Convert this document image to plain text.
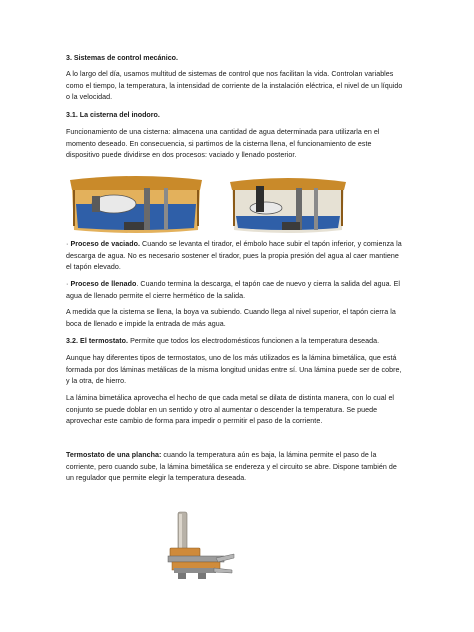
3. Sistemas de control mecánico.

A lo largo del día, usamos multitud de sistemas de control que nos facilitan la vida. Controlan variables como el tiempo, la temperatura, la intensidad de corriente de la instalación eléctrica, el nivel de un líquido o la velocidad.

3.1. La cisterna del inodoro.

Funcionamiento de una cisterna: almacena una cantidad de agua determinada para utilizarla en el momento deseado. En consecuencia, si partimos de la cisterna llena, el funcionamiento de este dispositivo puede dividirse en dos procesos: vaciado y llenado posterior.

· Proceso de vaciado. Cuando se levanta el tirador, el émbolo hace subir el tapón inferior, y comienza la descarga de agua. No es necesario sostener el tirador, pues la propia presión del agua al caer mantiene el tapón elevado.

· Proceso de llenado. Cuando termina la descarga, el tapón cae de nuevo y cierra la salida del agua. El agua de llenado permite el cierre hermético de la salida.

A medida que la cisterna se llena, la boya va subiendo. Cuando llega al nivel superior, el tapón cierra la boca de llenado e impide la entrada de más agua.

3.2. El termostato. Permite que todos los electrodomésticos funcionen a la temperatura deseada.

Aunque hay diferentes tipos de termostatos, uno de los más utilizados es la lámina bimetálica, que está formada por dos láminas metálicas de la misma longitud unidas entre sí. Una lámina puede ser de cobre, y la otra, de hierro.

La lámina bimetálica aprovecha el hecho de que cada metal se dilata de distinta manera, con lo cual el conjunto se puede doblar en un sentido y otro al aumentar o descender la temperatura. Se puede aprovechar este cambio de forma para impedir o permitir el paso de la corriente.

Termostato de una plancha: cuando la temperatura aún es baja, la lámina permite el paso de la corriente, pero cuando sube, la lámina bimetálica se endereza y el circuito se abre. Dispone también de un regulador que permite elegir la temperatura deseada.
